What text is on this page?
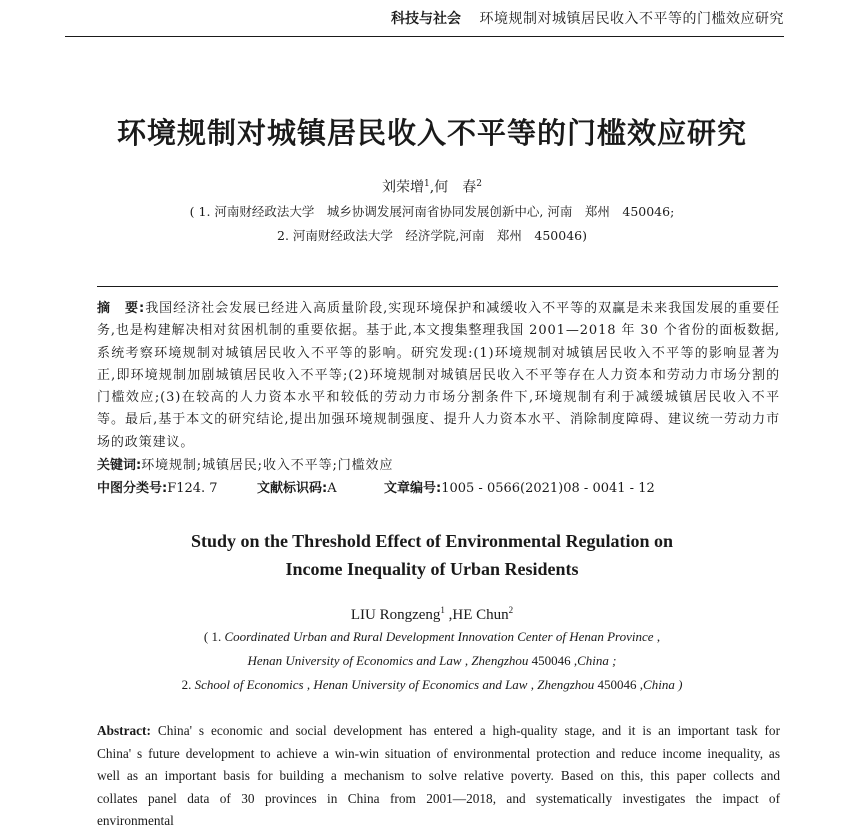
科技与社会 环境规制对城镇居民收入不平等的门槛效应研究
环境规制对城镇居民收入不平等的门槛效应研究
刘荣增$^1$,何　春$^2$
( 1. 河南财经政法大学　城乡协调发展河南省协同发展创新中心, 河南　郑州　450046;
2. 河南财经政法大学　经济学院,河南　郑州　450046)
摘　要:我国经济社会发展已经进入高质量阶段,实现环境保护和减缓收入不平等的双赢是未来我国发展的重要任务,也是构建解决相对贫困机制的重要依据。基于此,本文搜集整理我国 2001—2018 年 30 个省份的面板数据,系统考察环境规制对城镇居民收入不平等的影响。研究发现:(1)环境规制对城镇居民收入不平等的影响显著为正,即环境规制加剧城镇居民收入不平等;(2)环境规制对城镇居民收入不平等存在人力资本和劳动力市场分割的门槛效应;(3)在较高的人力资本水平和较低的劳动力市场分割条件下,环境规制有利于减缓城镇居民收入不平等。最后,基于本文的研究结论,提出加强环境规制强度、提升人力资本水平、消除制度障碍、建议统一劳动力市场的政策建议。
关键词:环境规制;城镇居民;收入不平等;门槛效应
中图分类号:F124. 7	文献标识码:A	文章编号:1005 - 0566(2021)08 - 0041 - 12
Study on the Threshold Effect of Environmental Regulation on
Income Inequality of Urban Residents
LIU Rongzeng$^1$ ,HE Chun$^2$
( 1. Coordinated Urban and Rural Development Innovation Center of Henan Province ,
Henan University of Economics and Law , Zhengzhou 450046 ,China ;
2. School of Economics , Henan University of Economics and Law , Zhengzhou 450046 ,China )
Abstract: China' s economic and social development has entered a high-quality stage, and it is an important task for China' s future development to achieve a win-win situation of environmental protection and reduce income inequality, as well as an important basis for building a mechanism to solve relative poverty. Based on this, this paper collects and collates panel data of 30 provinces in China from 2001—2018, and systematically investigates the impact of environmental
